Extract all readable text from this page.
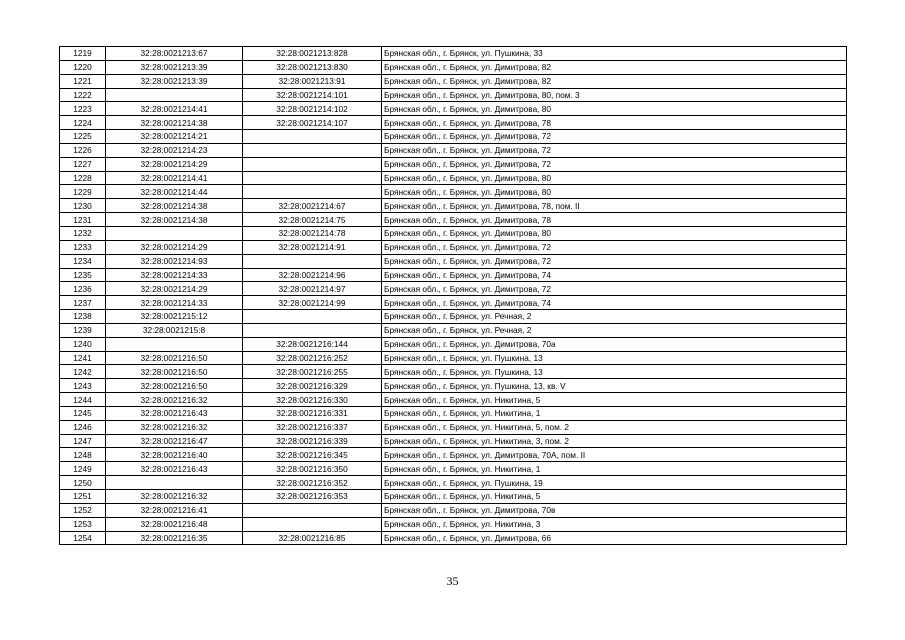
1219	32:28:0021213:67	32:28:0021213:828	Брянская обл., г. Брянск, ул. Пушкина, 33
1220	32:28:0021213:39	32:28:0021213:830	Брянская обл., г. Брянск, ул. Димитрова, 82
1221	32:28:0021213:39	32:28:0021213:91	Брянская обл., г. Брянск, ул. Димитрова, 82
1222		32:28:0021214:101	Брянская обл., г. Брянск, ул. Димитрова, 80, пом. 3
1223	32:28:0021214:41	32:28:0021214:102	Брянская обл., г. Брянск, ул. Димитрова, 80
1224	32:28:0021214:38	32:28:0021214:107	Брянская обл., г. Брянск, ул. Димитрова, 78
1225	32:28:0021214:21		Брянская обл., г. Брянск, ул. Димитрова, 72
1226	32:28:0021214:23		Брянская обл., г. Брянск, ул. Димитрова, 72
1227	32:28:0021214:29		Брянская обл., г. Брянск, ул. Димитрова, 72
1228	32:28:0021214:41		Брянская обл., г. Брянск, ул. Димитрова, 80
1229	32:28:0021214:44		Брянская обл., г. Брянск, ул. Димитрова, 80
1230	32:28:0021214:38	32:28:0021214:67	Брянская обл., г. Брянск, ул. Димитрова, 78, пом. II
1231	32:28:0021214:38	32:28:0021214:75	Брянская обл., г. Брянск, ул. Димитрова, 78
1232		32:28:0021214:78	Брянская обл., г. Брянск, ул. Димитрова, 80
1233	32:28:0021214:29	32:28:0021214:91	Брянская обл., г. Брянск, ул. Димитрова, 72
1234	32:28:0021214:93		Брянская обл., г. Брянск, ул. Димитрова, 72
1235	32:28:0021214:33	32:28:0021214:96	Брянская обл., г. Брянск, ул. Димитрова, 74
1236	32:28:0021214:29	32:28:0021214:97	Брянская обл., г. Брянск, ул. Димитрова, 72
1237	32:28:0021214:33	32:28:0021214:99	Брянская обл., г. Брянск, ул. Димитрова, 74
1238	32:28:0021215:12		Брянская обл., г. Брянск, ул. Речная, 2
1239	32:28:0021215:8		Брянская обл., г. Брянск, ул. Речная, 2
1240		32:28:0021216:144	Брянская обл., г. Брянск, ул. Димитрова, 70а
1241	32:28:0021216:50	32:28:0021216:252	Брянская обл., г. Брянск, ул. Пушкина, 13
1242	32:28:0021216:50	32:28:0021216:255	Брянская обл., г. Брянск, ул. Пушкина, 13
1243	32:28:0021216:50	32:28:0021216:329	Брянская обл., г. Брянск, ул. Пушкина, 13, кв. V
1244	32:28:0021216:32	32:28:0021216:330	Брянская обл., г. Брянск, ул. Никитина, 5
1245	32:28:0021216:43	32:28:0021216:331	Брянская обл., г. Брянск, ул. Никитина, 1
1246	32:28:0021216:32	32:28:0021216:337	Брянская обл., г. Брянск, ул. Никитина, 5, пом. 2
1247	32:28:0021216:47	32:28:0021216:339	Брянская обл., г. Брянск, ул. Никитина, 3, пом. 2
1248	32:28:0021216:40	32:28:0021216:345	Брянская обл., г. Брянск, ул. Димитрова, 70А, пом. II
1249	32:28:0021216:43	32:28:0021216:350	Брянская обл., г. Брянск, ул. Никитина, 1
1250		32:28:0021216:352	Брянская обл., г. Брянск, ул. Пушкина, 19
1251	32:28:0021216:32	32:28:0021216:353	Брянская обл., г. Брянск, ул. Никитина, 5
1252	32:28:0021216:41		Брянская обл., г. Брянск, ул. Димитрова, 70в
1253	32:28:0021216:48		Брянская обл., г. Брянск, ул. Никитина, 3
1254	32:28:0021216:35	32:28:0021216:85	Брянская обл., г. Брянск, ул. Димитрова, 66
35
